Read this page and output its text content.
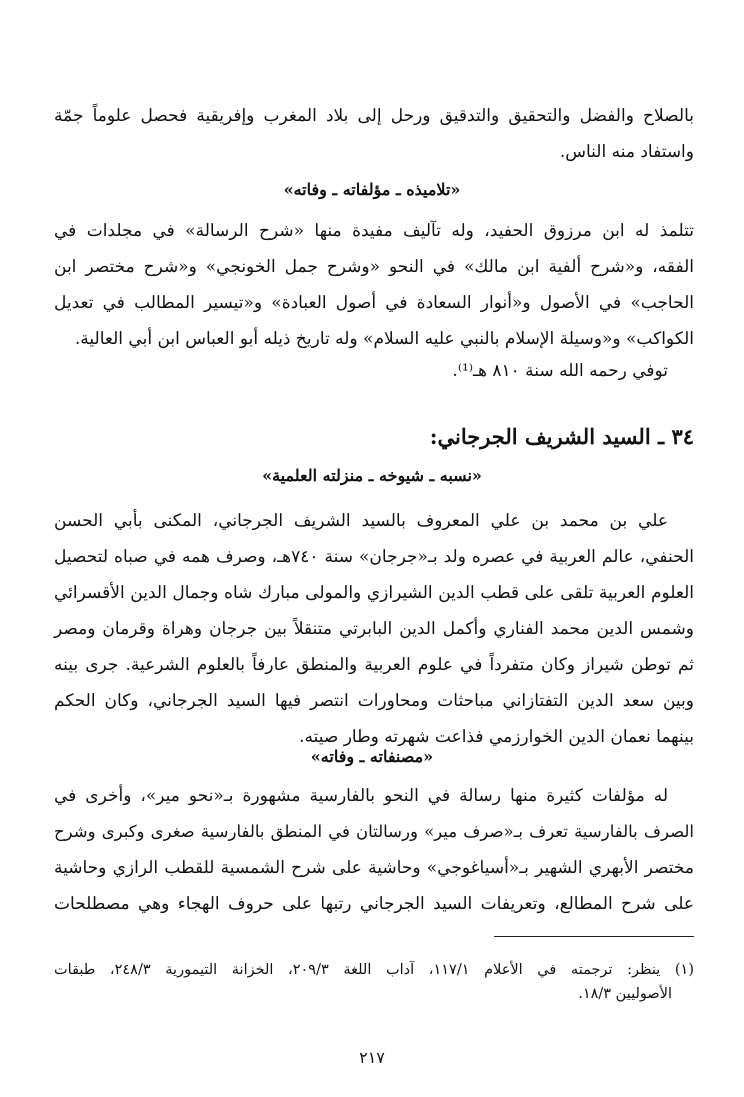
بالصلاح والفضل والتحقيق والتدقيق ورحل إلى بلاد المغرب وإفريقية فحصل علوماً جمّة
واستفاد منه الناس.
«تلاميذه ـ مؤلفاته ـ وفاته»
تتلمذ له ابن مرزوق الحفيد، وله تآليف مفيدة منها «شرح الرسالة» في مجلدات في
الفقه، و«شرح ألفية ابن مالك» في النحو «وشرح جمل الخونجي» و«شرح مختصر ابن
الحاجب» في الأصول و«أنوار السعادة في أصول العبادة» و«تيسير المطالب في تعديل
الكواكب» و«وسيلة الإسلام بالنبي عليه السلام» وله تاريخ ذيله أبو العباس ابن أبي العالية.
توفي رحمه الله سنة ٨١٠ هـ⁽¹⁾.
٣٤ ـ السيد الشريف الجرجاني:
«نسبه ـ شيوخه ـ منزلته العلمية»
علي بن محمد بن علي المعروف بالسيد الشريف الجرجاني، المكنى بأبي الحسن
الحنفي، عالم العربية في عصره ولد بـ«جرجان» سنة ٧٤٠هـ، وصرف همه في صباه لتحصيل
العلوم العربية تلقى على قطب الدين الشيرازي والمولى مبارك شاه وجمال الدين الأقسرائي
وشمس الدين محمد الفناري وأكمل الدين البابرتي متنقلاً بين جرجان وهراة وقرمان ومصر
ثم توطن شيراز وكان متفرداً في علوم العربية والمنطق عارفاً بالعلوم الشرعية. جرى بينه
وبين سعد الدين التفتازاني مباحثات ومحاورات انتصر فيها السيد الجرجاني، وكان الحكم
بينهما نعمان الدين الخوارزمي فذاعت شهرته وطار صيته.
«مصنفاته ـ وفاته»
له مؤلفات كثيرة منها رسالة في النحو بالفارسية مشهورة بـ«نحو مير»، وأخرى في
الصرف بالفارسية تعرف بـ«صرف مير» ورسالتان في المنطق بالفارسية صغرى وكبرى وشرح
مختصر الأبهري الشهير بـ«أسياغوجي» وحاشية على شرح الشمسية للقطب الرازي وحاشية
على شرح المطالع، وتعريفات السيد الجرجاني رتبها على حروف الهجاء وهي مصطلحات
(١) ينظر: ترجمته في الأعلام ١١٧/١، آداب اللغة ٢٠٩/٣، الخزانة التيمورية ٢٤٨/٣، طبقات
الأصوليين ١٨/٣.
٢١٧
